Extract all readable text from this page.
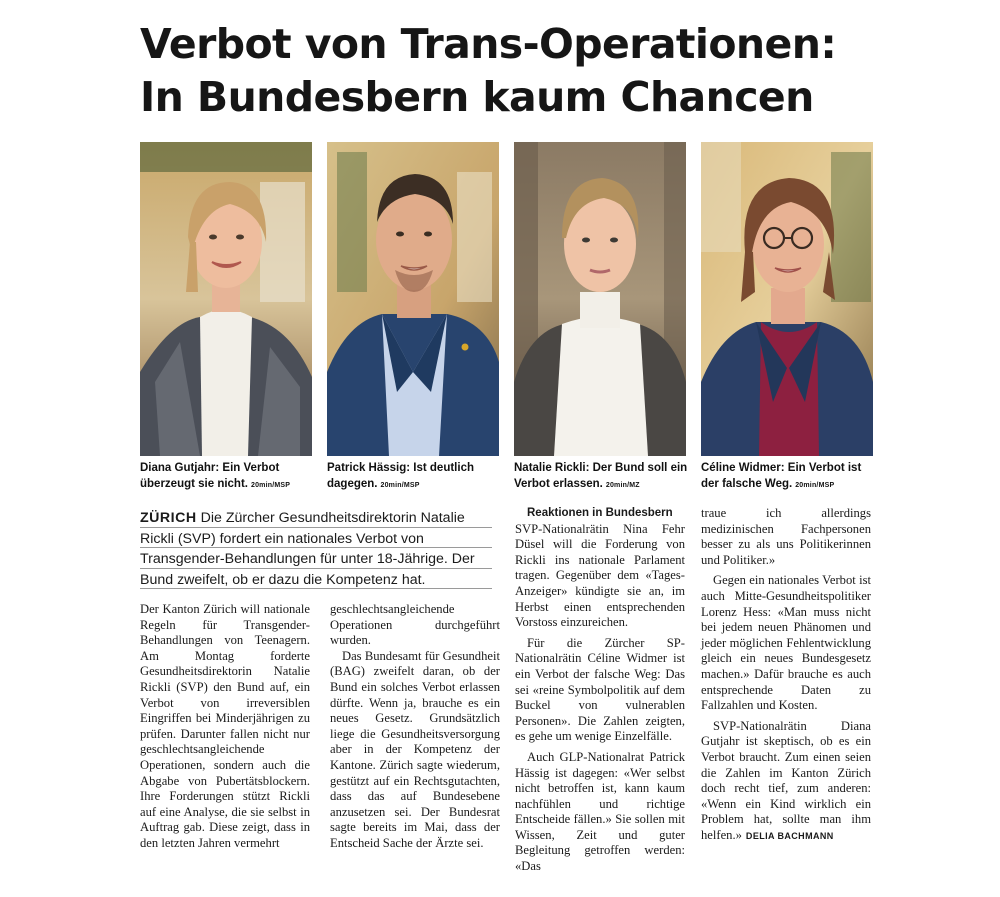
Verbot von Trans-Operationen:
In Bundesbern kaum Chancen
Diana Gutjahr: Ein Verbot überzeugt sie nicht. 20min/MSP
Patrick Hässig: Ist deutlich dagegen. 20min/MSP
Natalie Rickli: Der Bund soll ein Verbot erlassen. 20min/MZ
Céline Widmer: Ein Verbot ist der falsche Weg. 20min/MSP
ZÜRICH Die Zürcher Gesundheitsdirektorin Natalie Rickli (SVP) fordert ein nationales Verbot von Transgender-Behandlungen für unter 18-Jährige. Der Bund zweifelt, ob er dazu die Kompetenz hat.

Der Kanton Zürich will nationale Regeln für Transgender-Behandlungen von Teenagern. Am Montag forderte Gesundheitsdirektorin Natalie Rickli (SVP) den Bund auf, ein Verbot von irreversiblen Eingriffen bei Minderjährigen zu prüfen. Darunter fallen nicht nur geschlechtsangleichende Operationen, sondern auch die Abgabe von Pubertätsblockern. Ihre Forderungen stützt Rickli auf eine Analyse, die sie selbst in Auftrag gab. Diese zeigt, dass in den letzten Jahren vermehrt

geschlechtsangleichende Operationen durchgeführt wurden.

Das Bundesamt für Gesundheit (BAG) zweifelt daran, ob der Bund ein solches Verbot erlassen dürfte. Wenn ja, brauche es ein neues Gesetz. Grundsätzlich liege die Gesundheitsversorgung aber in der Kompetenz der Kantone. Zürich sagte wiederum, gestützt auf ein Rechtsgutachten, dass das auf Bundesebene anzusetzen sei. Der Bundesrat sagte bereits im Mai, dass der Entscheid Sache der Ärzte sei.

Reaktionen in Bundesbern

SVP-Nationalrätin Nina Fehr Düsel will die Forderung von Rickli ins nationale Parlament tragen. Gegenüber dem «Tages-Anzeiger» kündigte sie an, im Herbst einen entsprechenden Vorstoss einzureichen.

Für die Zürcher SP-Nationalrätin Céline Widmer ist ein Verbot der falsche Weg: Das sei «reine Symbolpolitik auf dem Buckel von vulnerablen Personen». Die Zahlen zeigten, es gehe um wenige Einzelfälle.

Auch GLP-Nationalrat Patrick Hässig ist dagegen: «Wer selbst nicht betroffen ist, kann kaum nachfühlen und richtige Entscheide fällen.» Sie sollen mit Wissen, Zeit und guter Begleitung getroffen werden: «Das

traue ich allerdings medizinischen Fachpersonen besser zu als uns Politikerinnen und Politiker.»

Gegen ein nationales Verbot ist auch Mitte-Gesundheitspolitiker Lorenz Hess: «Man muss nicht bei jedem neuen Phänomen und jeder möglichen Fehlentwicklung gleich ein neues Bundesgesetz machen.» Dafür brauche es auch entsprechende Daten zu Fallzahlen und Kosten.

SVP-Nationalrätin Diana Gutjahr ist skeptisch, ob es ein Verbot braucht. Zum einen seien die Zahlen im Kanton Zürich doch recht tief, zum anderen: «Wenn ein Kind wirklich ein Problem hat, sollte man ihm helfen.» DELIA BACHMANN
